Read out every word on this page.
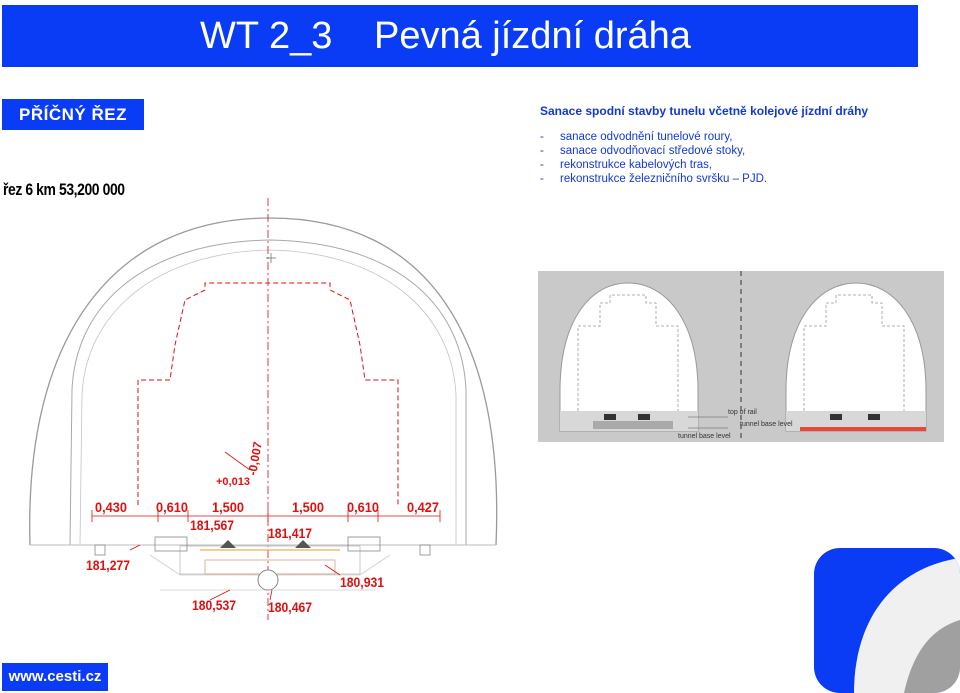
WT 2_3 Pevná jízdní dráha
PŘÍČNÝ ŘEZ	Sanace spodní stavby tunelu včetně kolejové jízdní dráhy
- sanace odvodnění tunelové roury,
- sanace odvodňovací středové stoky,
- rekonstrukce kabelových tras,
- rekonstrukce železničního svršku – PJD.
řez 6 km 53,200 000
-0,007
+0,013
0,430 0,610 1,500	1,500 0,610 0,427
181,567 181,417
181,277
180,931
180,537 180,467
top of rail
tunnel base level
tunnel base level
www.cesti.cz
